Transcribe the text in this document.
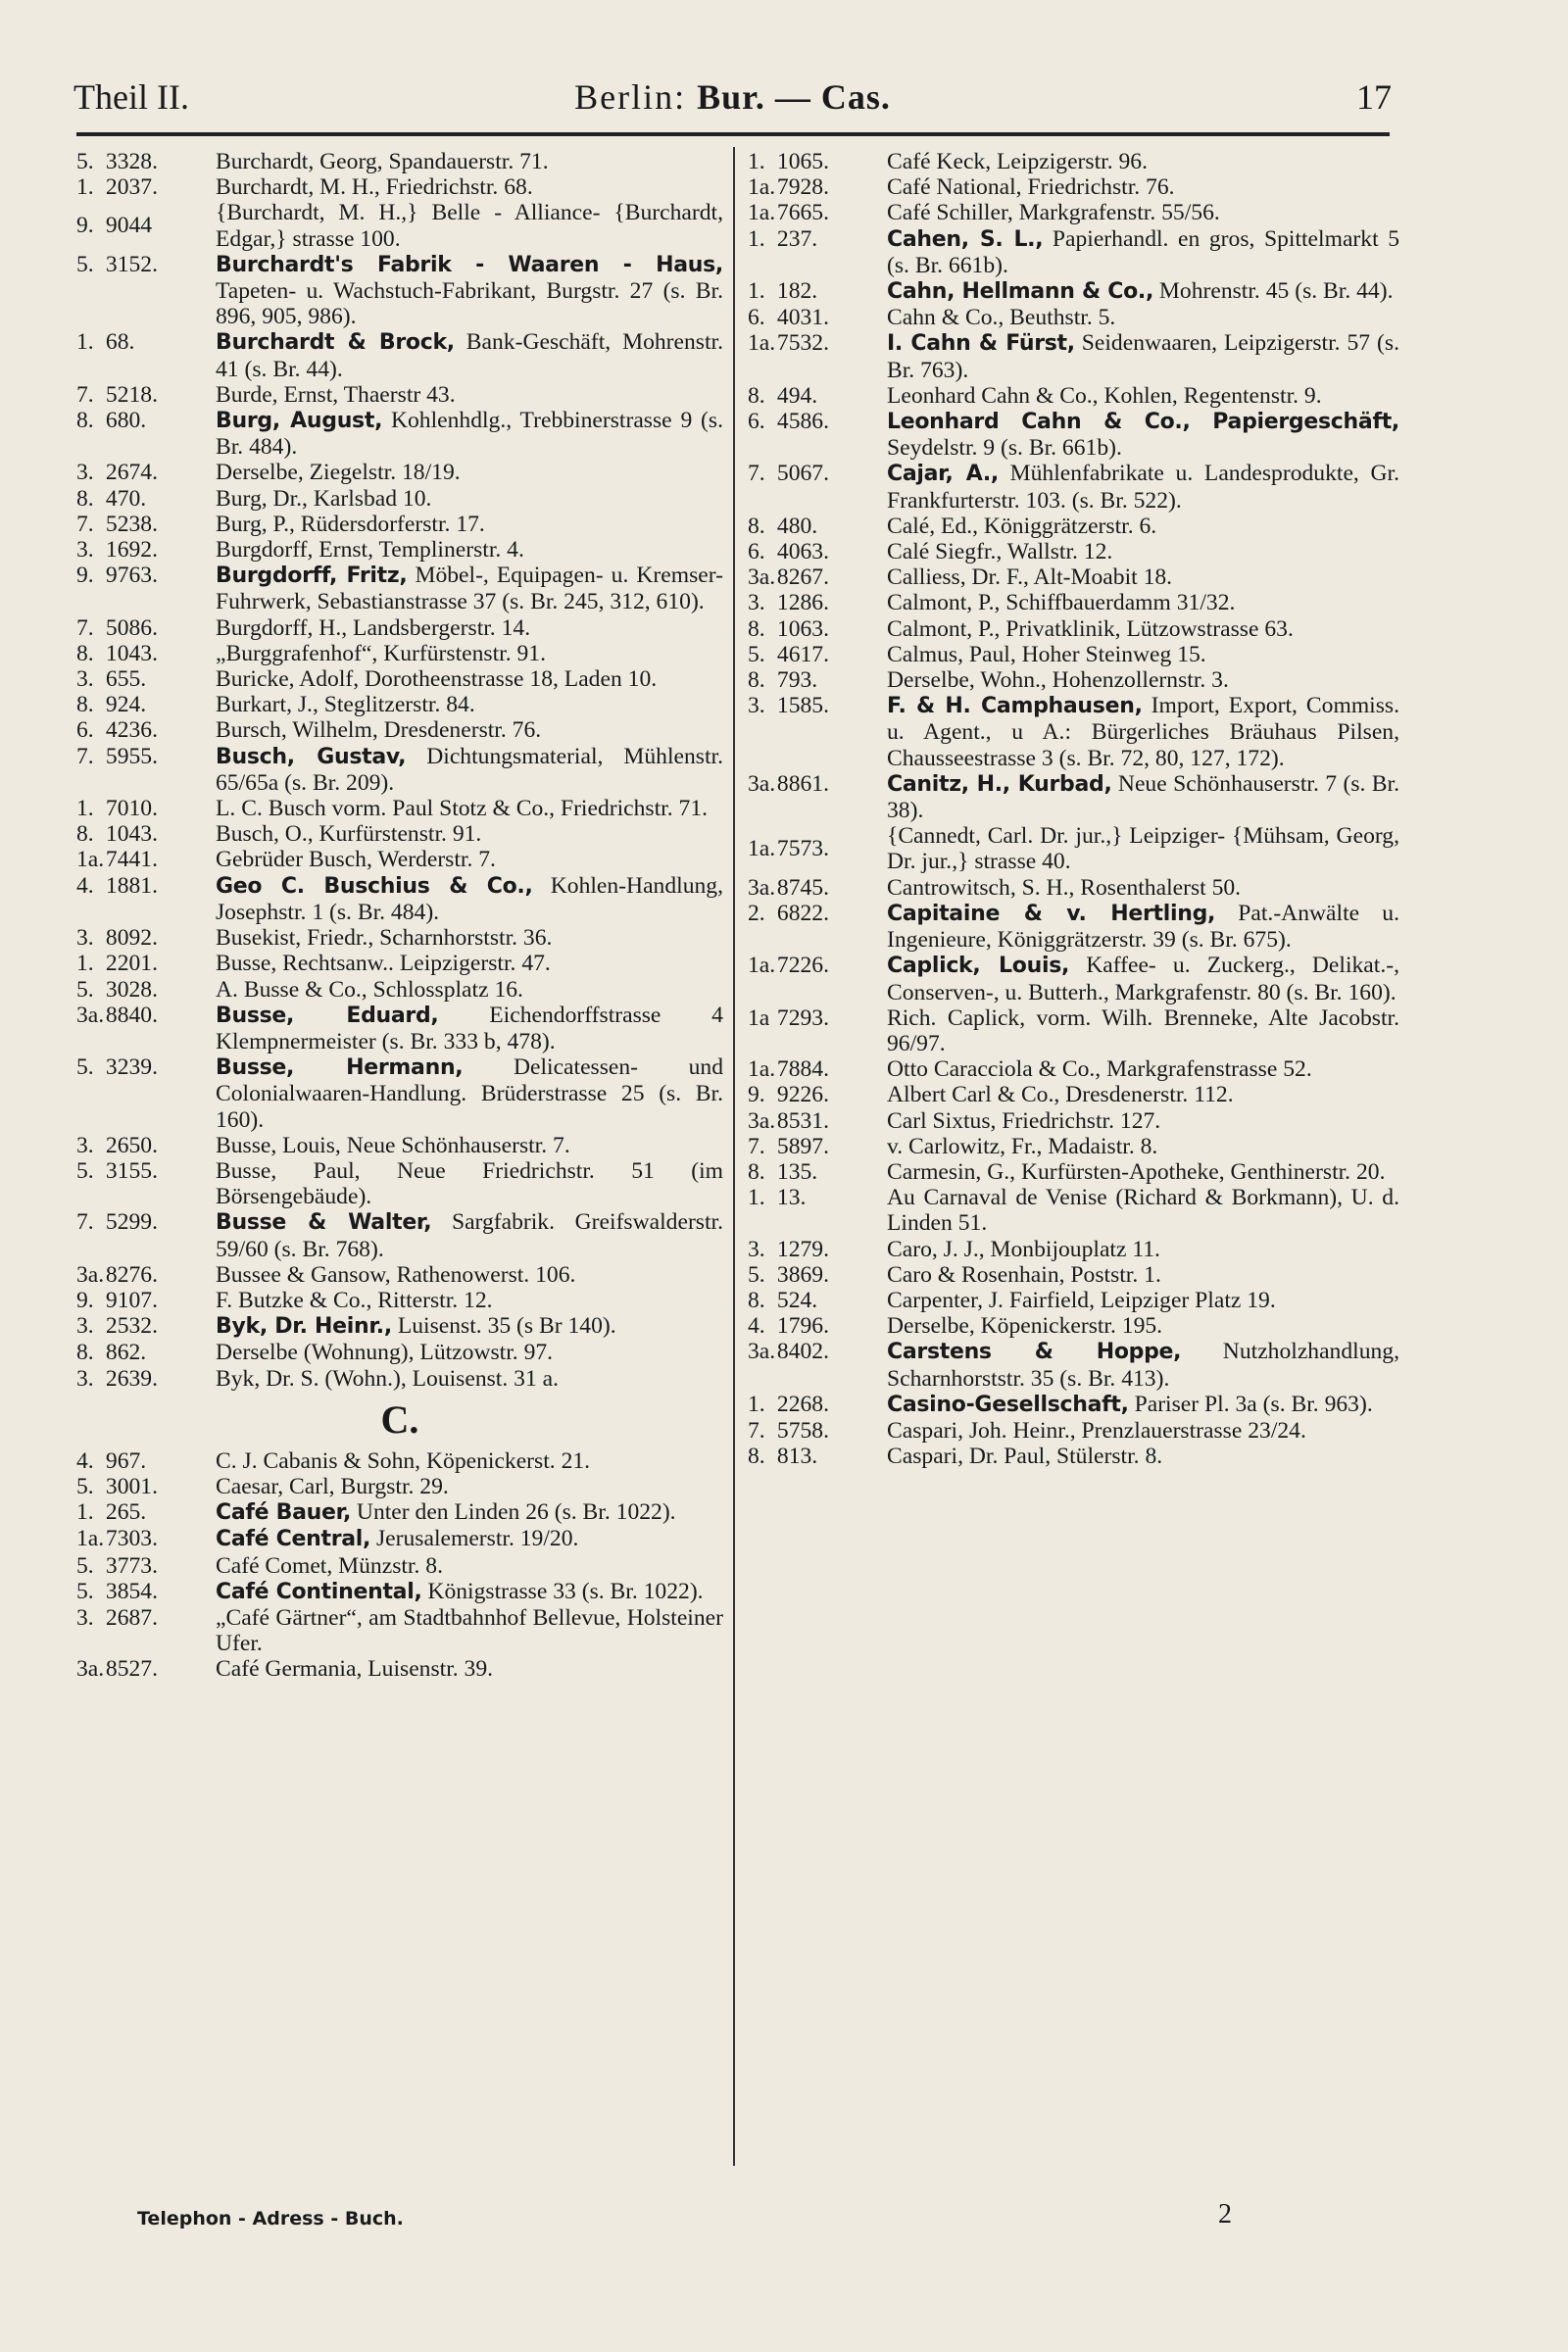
Theil II.	Berlin: Bur. — Cas.	17
5. 3328.	Burchardt, Georg, Spandauerstr. 71.
1. 2037.	Burchardt, M. H., Friedrichstr. 68.
9. 9044	{Burchardt, M. H.,} Belle - Alliance- {Burchardt, Edgar,} strasse 100.
5. 3152.	Burchardt's Fabrik - Waaren - Haus, Tapeten- u. Wachstuch-Fabrikant, Burgstr. 27 (s. Br. 896, 905, 986).
1. 68.	Burchardt & Brock, Bank-Geschäft, Mohrenstr. 41 (s. Br. 44).
7. 5218.	Burde, Ernst, Thaerstr 43.
8. 680.	Burg, August, Kohlenhdlg., Trebbinerstrasse 9 (s. Br. 484).
3. 2674.	Derselbe, Ziegelstr. 18/19.
8. 470.	Burg, Dr., Karlsbad 10.
7. 5238.	Burg, P., Rüdersdorferstr. 17.
3. 1692.	Burgdorff, Ernst, Templinerstr. 4.
9. 9763.	Burgdorff, Fritz, Möbel-, Equipagen- u. Kremser-Fuhrwerk, Sebastianstrasse 37 (s. Br. 245, 312, 610).
7. 5086.	Burgdorff, H., Landsbergerstr. 14.
8. 1043.	„Burggrafenhof“, Kurfürstenstr. 91.
3. 655.	Buricke, Adolf, Dorotheenstrasse 18, Laden 10.
8. 924.	Burkart, J., Steglitzerstr. 84.
6. 4236.	Bursch, Wilhelm, Dresdenerstr. 76.
7. 5955.	Busch, Gustav, Dichtungsmaterial, Mühlenstr. 65/65a (s. Br. 209).
1. 7010.	L. C. Busch vorm. Paul Stotz & Co., Friedrichstr. 71.
8. 1043.	Busch, O., Kurfürstenstr. 91.
1a. 7441.	Gebrüder Busch, Werderstr. 7.
4. 1881.	Geo C. Buschius & Co., Kohlen-Handlung, Josephstr. 1 (s. Br. 484).
3. 8092.	Busekist, Friedr., Scharnhorststr. 36.
1. 2201.	Busse, Rechtsanw.. Leipzigerstr. 47.
5. 3028.	A. Busse & Co., Schlossplatz 16.
3a. 8840.	Busse, Eduard, Eichendorffstrasse 4 Klempnermeister (s. Br. 333 b, 478).
5. 3239.	Busse, Hermann, Delicatessen- und Colonialwaaren-Handlung. Brüderstrasse 25 (s. Br. 160).
3. 2650.	Busse, Louis, Neue Schönhauserstr. 7.
5. 3155.	Busse, Paul, Neue Friedrichstr. 51 (im Börsengebäude).
7. 5299.	Busse & Walter, Sargfabrik. Greifswalderstr. 59/60 (s. Br. 768).
3a. 8276.	Bussee & Gansow, Rathenowerst. 106.
9. 9107.	F. Butzke & Co., Ritterstr. 12.
3. 2532.	Byk, Dr. Heinr., Luisenst. 35 (s Br 140).
8. 862.	Derselbe (Wohnung), Lützowstr. 97.
3. 2639.	Byk, Dr. S. (Wohn.), Louisenst. 31 a.
C.
4. 967.	C. J. Cabanis & Sohn, Köpenickerst. 21.
5. 3001.	Caesar, Carl, Burgstr. 29.
1. 265.	Café Bauer, Unter den Linden 26 (s. Br. 1022).
1a. 7303.	Café Central, Jerusalemerstr. 19/20.
5. 3773.	Café Comet, Münzstr. 8.
5. 3854.	Café Continental, Königstrasse 33 (s. Br. 1022).
3. 2687.	„Café Gärtner“, am Stadtbahnhof Bellevue, Holsteiner Ufer.
3a. 8527.	Café Germania, Luisenstr. 39.
1. 1065.	Café Keck, Leipzigerstr. 96.
1a. 7928.	Café National, Friedrichstr. 76.
1a. 7665.	Café Schiller, Markgrafenstr. 55/56.
1. 237.	Cahen, S. L., Papierhandl. en gros, Spittelmarkt 5 (s. Br. 661b).
1. 182.	Cahn, Hellmann & Co., Mohrenstr. 45 (s. Br. 44).
6. 4031.	Cahn & Co., Beuthstr. 5.
1a. 7532.	I. Cahn & Fürst, Seidenwaaren, Leipzigerstr. 57 (s. Br. 763).
8. 494.	Leonhard Cahn & Co., Kohlen, Regentenstr. 9.
6. 4586.	Leonhard Cahn & Co., Papiergeschäft, Seydelstr. 9 (s. Br. 661b).
7. 5067.	Cajar, A., Mühlenfabrikate u. Landesprodukte, Gr. Frankfurterstr. 103. (s. Br. 522).
8. 480.	Calé, Ed., Königgrätzerstr. 6.
6. 4063.	Calé Siegfr., Wallstr. 12.
3a. 8267.	Calliess, Dr. F., Alt-Moabit 18.
3. 1286.	Calmont, P., Schiffbauerdamm 31/32.
8. 1063.	Calmont, P., Privatklinik, Lützowstrasse 63.
5. 4617.	Calmus, Paul, Hoher Steinweg 15.
8. 793.	Derselbe, Wohn., Hohenzollernstr. 3.
3. 1585.	F. & H. Camphausen, Import, Export, Commiss. u. Agent., u A.: Bürgerliches Bräuhaus Pilsen, Chausseestrasse 3 (s. Br. 72, 80, 127, 172).
3a. 8861.	Canitz, H., Kurbad, Neue Schönhauserstr. 7 (s. Br. 38).
1a. 7573.	{Cannedt, Carl. Dr. jur.,} Leipziger- {Mühsam, Georg, Dr. jur.,} strasse 40.
3a. 8745.	Cantrowitsch, S. H., Rosenthalerst 50.
2. 6822.	Capitaine & v. Hertling, Pat.-Anwälte u. Ingenieure, Königgrätzerstr. 39 (s. Br. 675).
1a. 7226.	Caplick, Louis, Kaffee- u. Zuckerg., Delikat.-, Conserven-, u. Butterh., Markgrafenstr. 80 (s. Br. 160).
1a 7293.	Rich. Caplick, vorm. Wilh. Brenneke, Alte Jacobstr. 96/97.
1a. 7884.	Otto Caracciola & Co., Markgrafenstrasse 52.
9. 9226.	Albert Carl & Co., Dresdenerstr. 112.
3a. 8531.	Carl Sixtus, Friedrichstr. 127.
7. 5897.	v. Carlowitz, Fr., Madaistr. 8.
8. 135.	Carmesin, G., Kurfürsten-Apotheke, Genthinerstr. 20.
1. 13.	Au Carnaval de Venise (Richard & Borkmann), U. d. Linden 51.
3. 1279.	Caro, J. J., Monbijouplatz 11.
5. 3869.	Caro & Rosenhain, Poststr. 1.
8. 524.	Carpenter, J. Fairfield, Leipziger Platz 19.
4. 1796.	Derselbe, Köpenickerstr. 195.
3a. 8402.	Carstens & Hoppe, Nutzholzhandlung, Scharnhorststr. 35 (s. Br. 413).
1. 2268.	Casino-Gesellschaft, Pariser Pl. 3a (s. Br. 963).
7. 5758.	Caspari, Joh. Heinr., Prenzlauerstrasse 23/24.
8. 813.	Caspari, Dr. Paul, Stülerstr. 8.
Telephon - Adress - Buch.	2
